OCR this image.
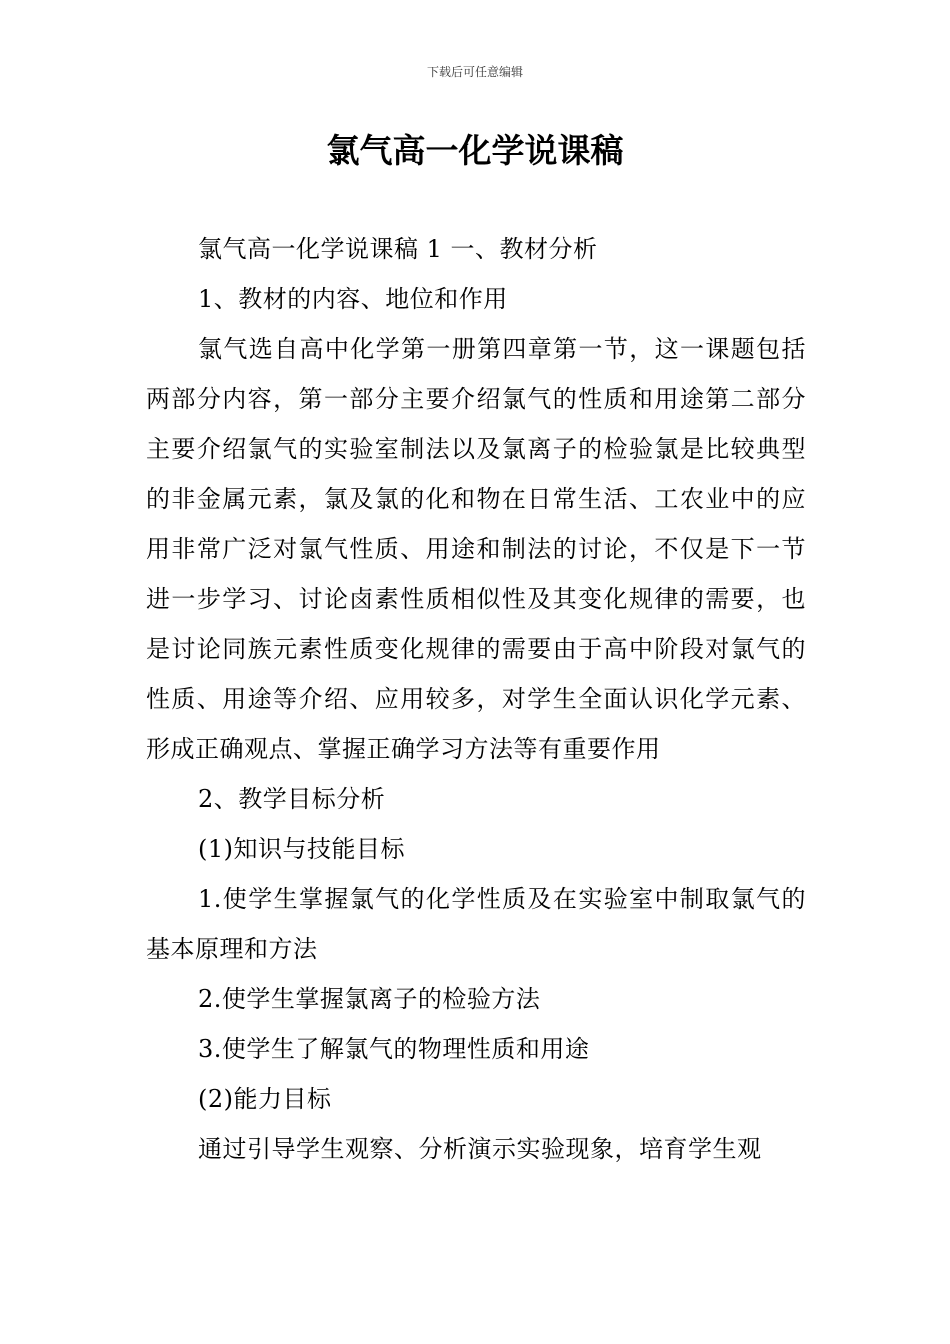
下载后可任意编辑
氯气高一化学说课稿

氯气高一化学说课稿 1 一、教材分析

1、教材的内容、地位和作用

氯气选自高中化学第一册第四章第一节，这一课题包括两部分内容，第一部分主要介绍氯气的性质和用途第二部分主要介绍氯气的实验室制法以及氯离子的检验氯是比较典型的非金属元素，氯及氯的化和物在日常生活、工农业中的应用非常广泛对氯气性质、用途和制法的讨论，不仅是下一节进一步学习、讨论卤素性质相似性及其变化规律的需要，也是讨论同族元素性质变化规律的需要由于高中阶段对氯气的性质、用途等介绍、应用较多，对学生全面认识化学元素、形成正确观点、掌握正确学习方法等有重要作用

2、教学目标分析

(1)知识与技能目标

1.使学生掌握氯气的化学性质及在实验室中制取氯气的基本原理和方法

2.使学生掌握氯离子的检验方法

3.使学生了解氯气的物理性质和用途

(2)能力目标

通过引导学生观察、分析演示实验现象，培育学生观
